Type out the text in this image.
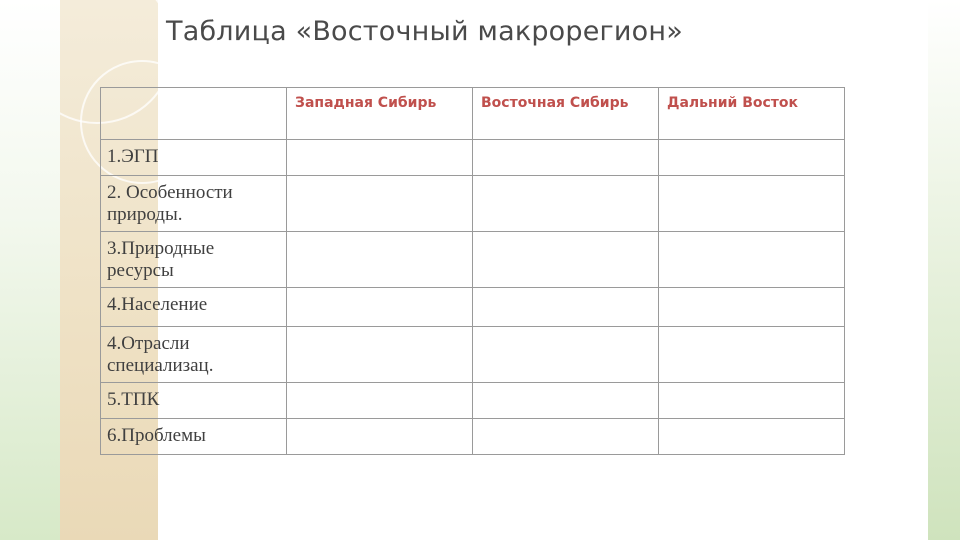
Таблица «Восточный макрорегион»
	Западная Сибирь	Восточная Сибирь	Дальний Восток
1.ЭГП			
2. Особенности природы.			
3.Природные ресурсы			
4.Население			
4.Отрасли специализац.			
5.ТПК			
6.Проблемы			
